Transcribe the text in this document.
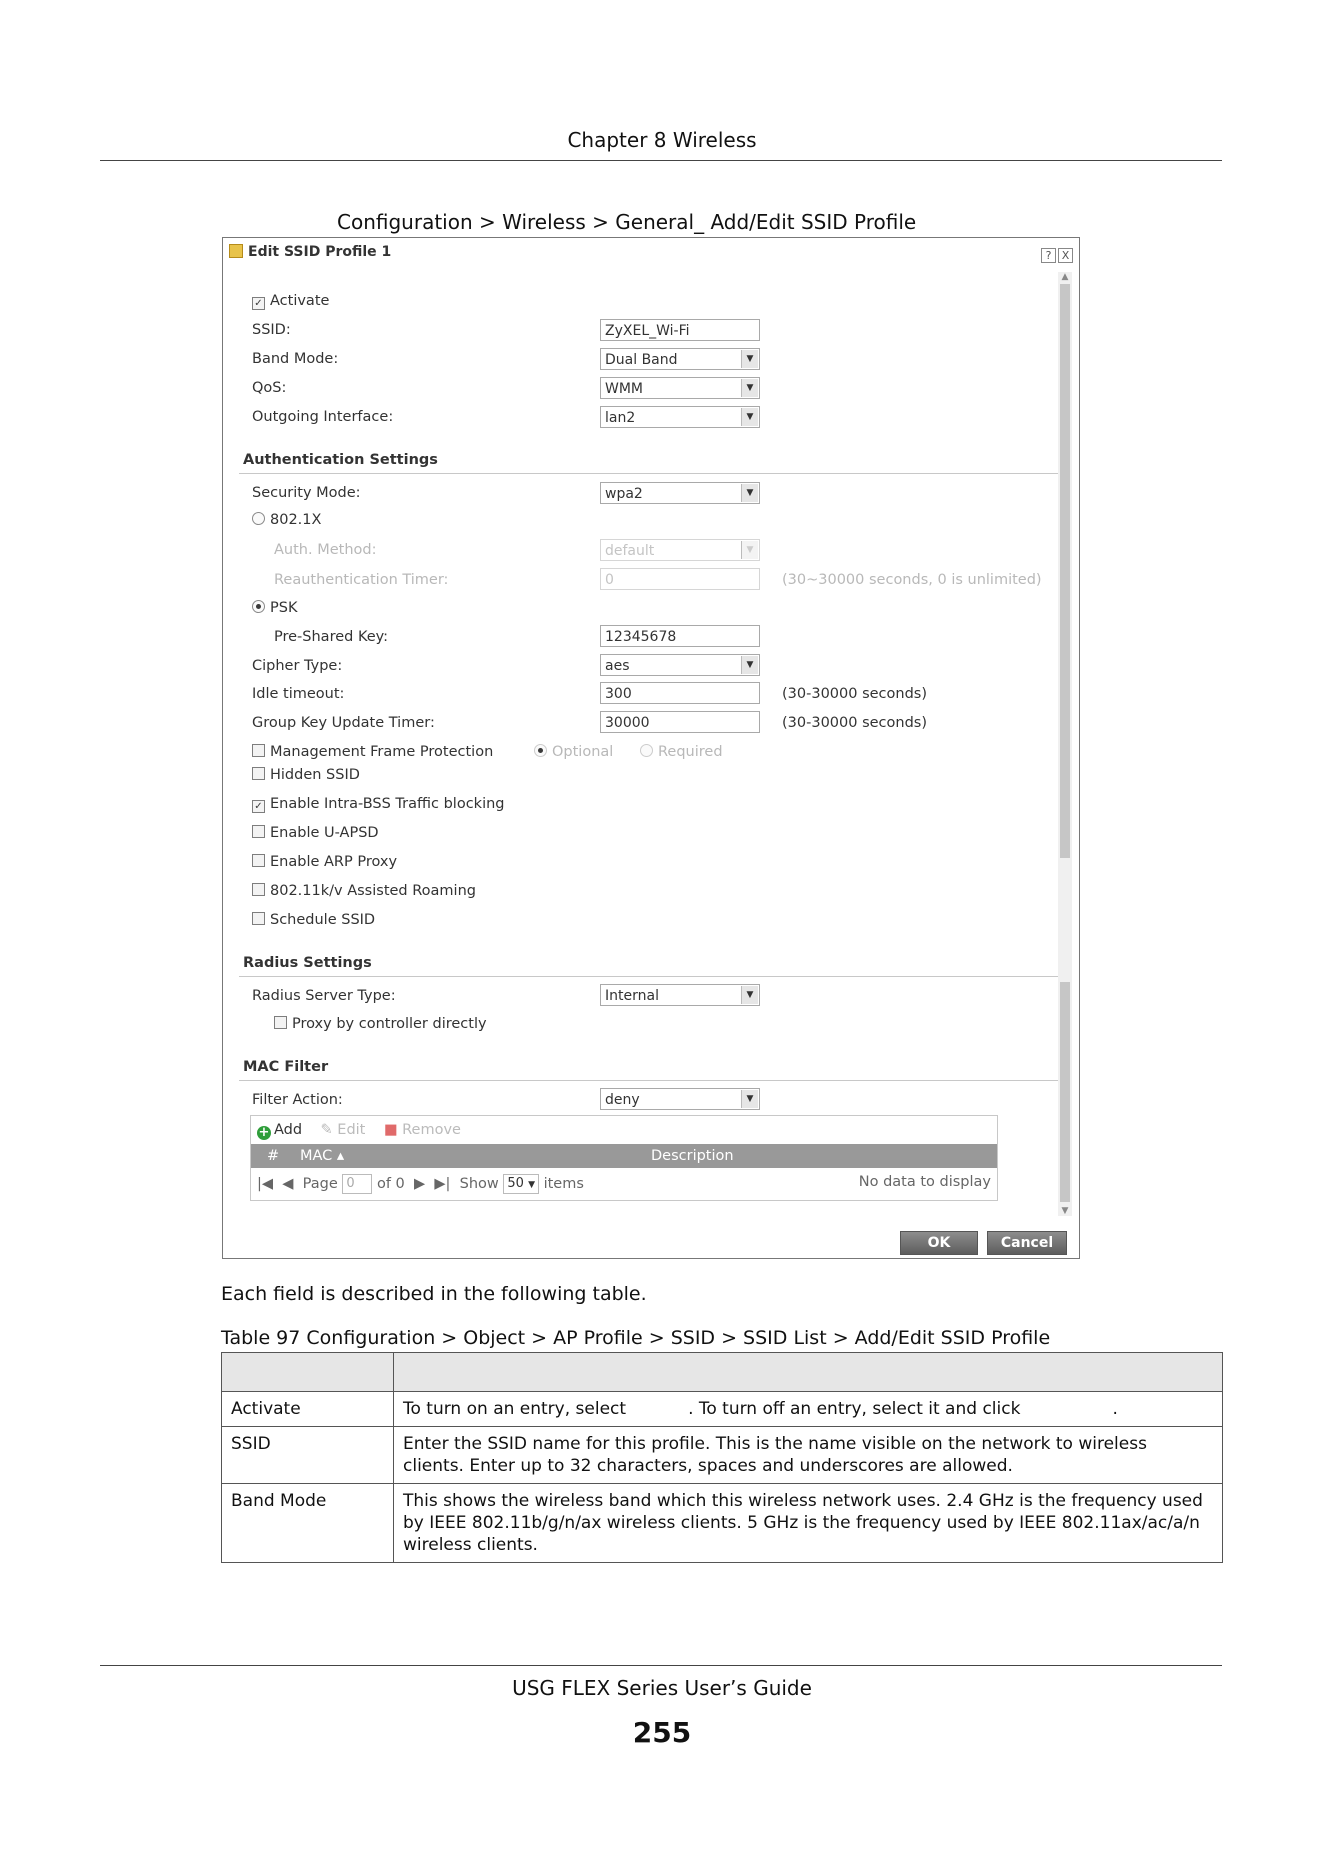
Chapter 8 Wireless
Configuration > Wireless > General_ Add/Edit SSID Profile
Edit SSID Profile 1	? X
✓ Activate
SSID:	ZyXEL_Wi-Fi
Band Mode:	Dual Band	▼
QoS:	WMM	▼
Outgoing Interface:	lan2	▼
Authentication Settings
Security Mode:	wpa2	▼
802.1X
Auth. Method:	default	▼
Reauthentication Timer:	0	(30~30000 seconds, 0 is unlimited)
PSK
Pre-Shared Key:	12345678
Cipher Type:	aes	▼
Idle timeout:	300	(30-30000 seconds)
Group Key Update Timer:	30000	(30-30000 seconds)
Management Frame Protection	Optional	Required
Hidden SSID
✓ Enable Intra-BSS Traffic blocking
Enable U-APSD
Enable ARP Proxy
802.11k/v Assisted Roaming
Schedule SSID
Radius Settings
Radius Server Type:	Internal	▼
Proxy by controller directly
MAC Filter
Filter Action:	deny	▼
+ Add ✎ Edit ■ Remove
# MAC ▴	Description
|◀ ◀ Page 0 of 0 ▶ ▶| Show 50 ▼ items	No data to display
▲
▼
OK	Cancel
Each field is described in the following table.
Table 97 Configuration > Object > AP Profile > SSID > SSID List > Add/Edit SSID Profile

Activate	To turn on an entry, select . To turn off an entry, select it and click .
SSID	Enter the SSID name for this profile. This is the name visible on the network to wireless clients. Enter up to 32 characters, spaces and underscores are allowed.
Band Mode	This shows the wireless band which this wireless network uses. 2.4 GHz is the frequency used by IEEE 802.11b/g/n/ax wireless clients. 5 GHz is the frequency used by IEEE 802.11ax/ac/a/n wireless clients.
USG FLEX Series User’s Guide
255
